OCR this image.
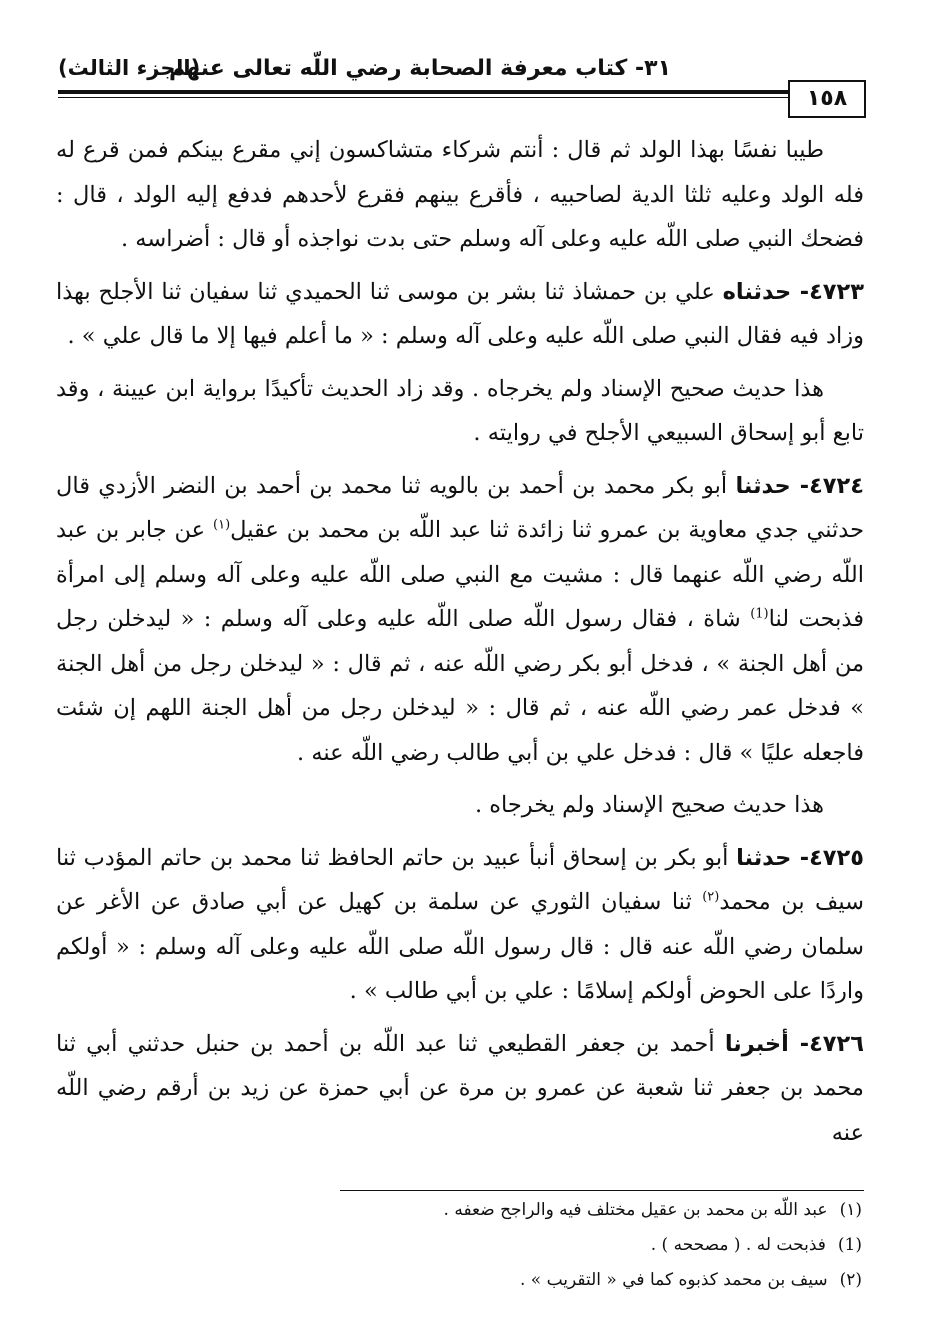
٣١- كتاب معرفة الصحابة رضي اللّه تعالى عنهم
(الجزء الثالث)
١٥٨

طيبا نفسًا بهذا الولد ثم قال : أنتم شركاء متشاكسون إني مقرع بينكم فمن قرع له فله الولد وعليه ثلثا الدية لصاحبيه ، فأقرع بينهم فقرع لأحدهم فدفع إليه الولد ، قال : فضحك النبي صلى اللّه عليه وعلى آله وسلم حتى بدت نواجذه أو قال : أضراسه .

٤٧٢٣- حدثناه علي بن حمشاذ ثنا بشر بن موسى ثنا الحميدي ثنا سفيان ثنا الأجلح بهذا وزاد فيه فقال النبي صلى اللّه عليه وعلى آله وسلم : « ما أعلم فيها إلا ما قال علي » .

هذا حديث صحيح الإسناد ولم يخرجاه . وقد زاد الحديث تأكيدًا برواية ابن عيينة ، وقد تابع أبو إسحاق السبيعي الأجلح في روايته .

٤٧٢٤- حدثنا أبو بكر محمد بن أحمد بن بالويه ثنا محمد بن أحمد بن النضر الأزدي قال حدثني جدي معاوية بن عمرو ثنا زائدة ثنا عبد اللّه بن محمد بن عقيل$^{(١)}$ عن جابر بن عبد اللّه رضي اللّه عنهما قال : مشيت مع النبي صلى اللّه عليه وعلى آله وسلم إلى امرأة فذبحت لنا$^{(1)}$ شاة ، فقال رسول اللّه صلى اللّه عليه وعلى آله وسلم : « ليدخلن رجل من أهل الجنة » ، فدخل أبو بكر رضي اللّه عنه ، ثم قال : « ليدخلن رجل من أهل الجنة » فدخل عمر رضي اللّه عنه ، ثم قال : « ليدخلن رجل من أهل الجنة اللهم إن شئت فاجعله عليًا » قال : فدخل علي بن أبي طالب رضي اللّه عنه .

هذا حديث صحيح الإسناد ولم يخرجاه .

٤٧٢٥- حدثنا أبو بكر بن إسحاق أنبأ عبيد بن حاتم الحافظ ثنا محمد بن حاتم المؤدب ثنا سيف بن محمد$^{(٢)}$ ثنا سفيان الثوري عن سلمة بن كهيل عن أبي صادق عن الأغر عن سلمان رضي اللّه عنه قال : قال رسول اللّه صلى اللّه عليه وعلى آله وسلم : « أولكم واردًا على الحوض أولكم إسلامًا : علي بن أبي طالب » .

٤٧٢٦- أخبرنا أحمد بن جعفر القطيعي ثنا عبد اللّه بن أحمد بن حنبل حدثني أبي ثنا محمد بن جعفر ثنا شعبة عن عمرو بن مرة عن أبي حمزة عن زيد بن أرقم رضي اللّه عنه

(١)عبد اللّه بن محمد بن عقيل مختلف فيه والراجح ضعفه .
(1)فذبحت له . ( مصححه ) .
(٢)سيف بن محمد كذبوه كما في « التقريب » .
